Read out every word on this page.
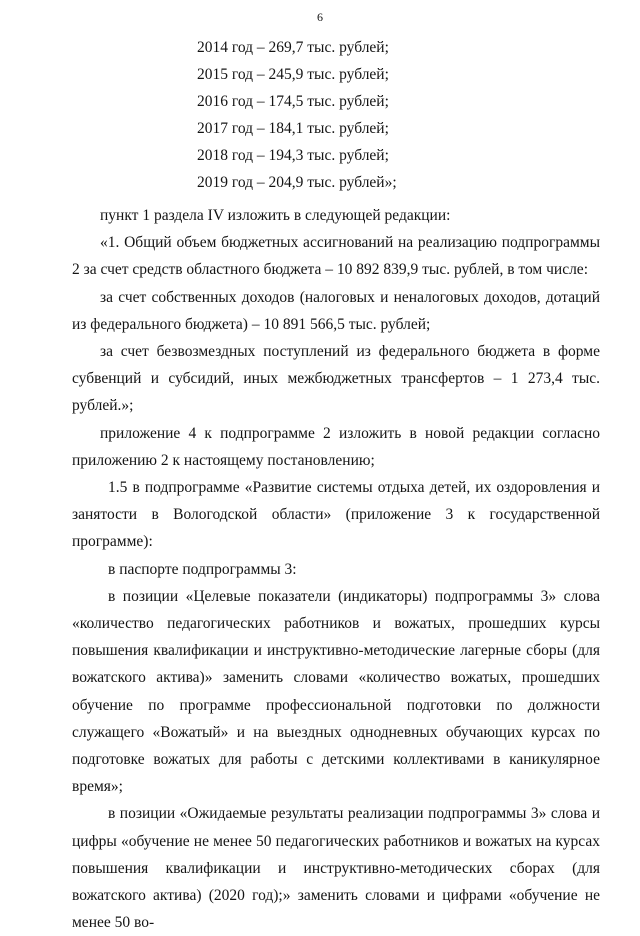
6
2014 год – 269,7 тыс. рублей;
2015 год – 245,9 тыс. рублей;
2016 год – 174,5 тыс. рублей;
2017 год – 184,1 тыс. рублей;
2018 год – 194,3 тыс. рублей;
2019 год – 204,9 тыс. рублей»;

пункт 1 раздела IV изложить в следующей редакции:

«1. Общий объем бюджетных ассигнований на реализацию подпрограммы 2 за счет средств областного бюджета – 10 892 839,9 тыс. рублей, в том числе:

за счет собственных доходов (налоговых и неналоговых доходов, дотаций из федерального бюджета) – 10 891 566,5 тыс. рублей;

за счет безвозмездных поступлений из федерального бюджета в форме субвенций и субсидий, иных межбюджетных трансфертов – 1 273,4 тыс. рублей.»;

приложение 4 к подпрограмме 2 изложить в новой редакции согласно приложению 2 к настоящему постановлению;

1.5 в подпрограмме «Развитие системы отдыха детей, их оздоровления и занятости в Вологодской области» (приложение 3 к государственной программе):

в паспорте подпрограммы 3:

в позиции «Целевые показатели (индикаторы) подпрограммы 3» слова «количество педагогических работников и вожатых, прошедших курсы повышения квалификации и инструктивно-методические лагерные сборы (для вожатского актива)» заменить словами «количество вожатых, прошедших обучение по программе профессиональной подготовки по должности служащего «Вожатый» и на выездных однодневных обучающих курсах по подготовке вожатых для работы с детскими коллективами в каникулярное время»;

в позиции «Ожидаемые результаты реализации подпрограммы 3» слова и цифры «обучение не менее 50 педагогических работников и вожатых на курсах повышения квалификации и инструктивно-методических сборах (для вожатского актива) (2020 год);» заменить словами и цифрами «обучение не менее 50 во-
